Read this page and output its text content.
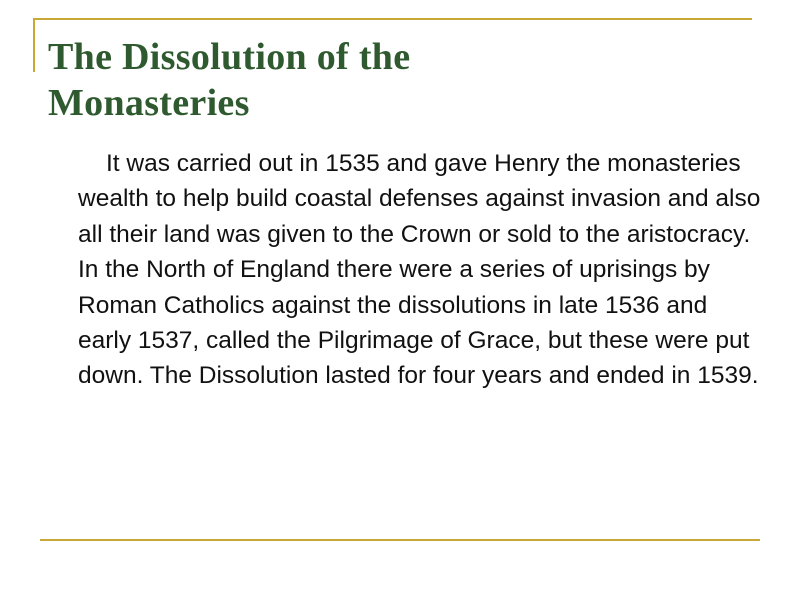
The Dissolution of the Monasteries

It was carried out in 1535 and gave Henry the monasteries wealth to help build coastal defenses against invasion and also all their land was given to the Crown or sold to the aristocracy. In the North of England there were a series of uprisings by Roman Catholics against the dissolutions in late 1536 and early 1537, called the Pilgrimage of Grace, but these were put down. The Dissolution lasted for four years and ended in 1539.
